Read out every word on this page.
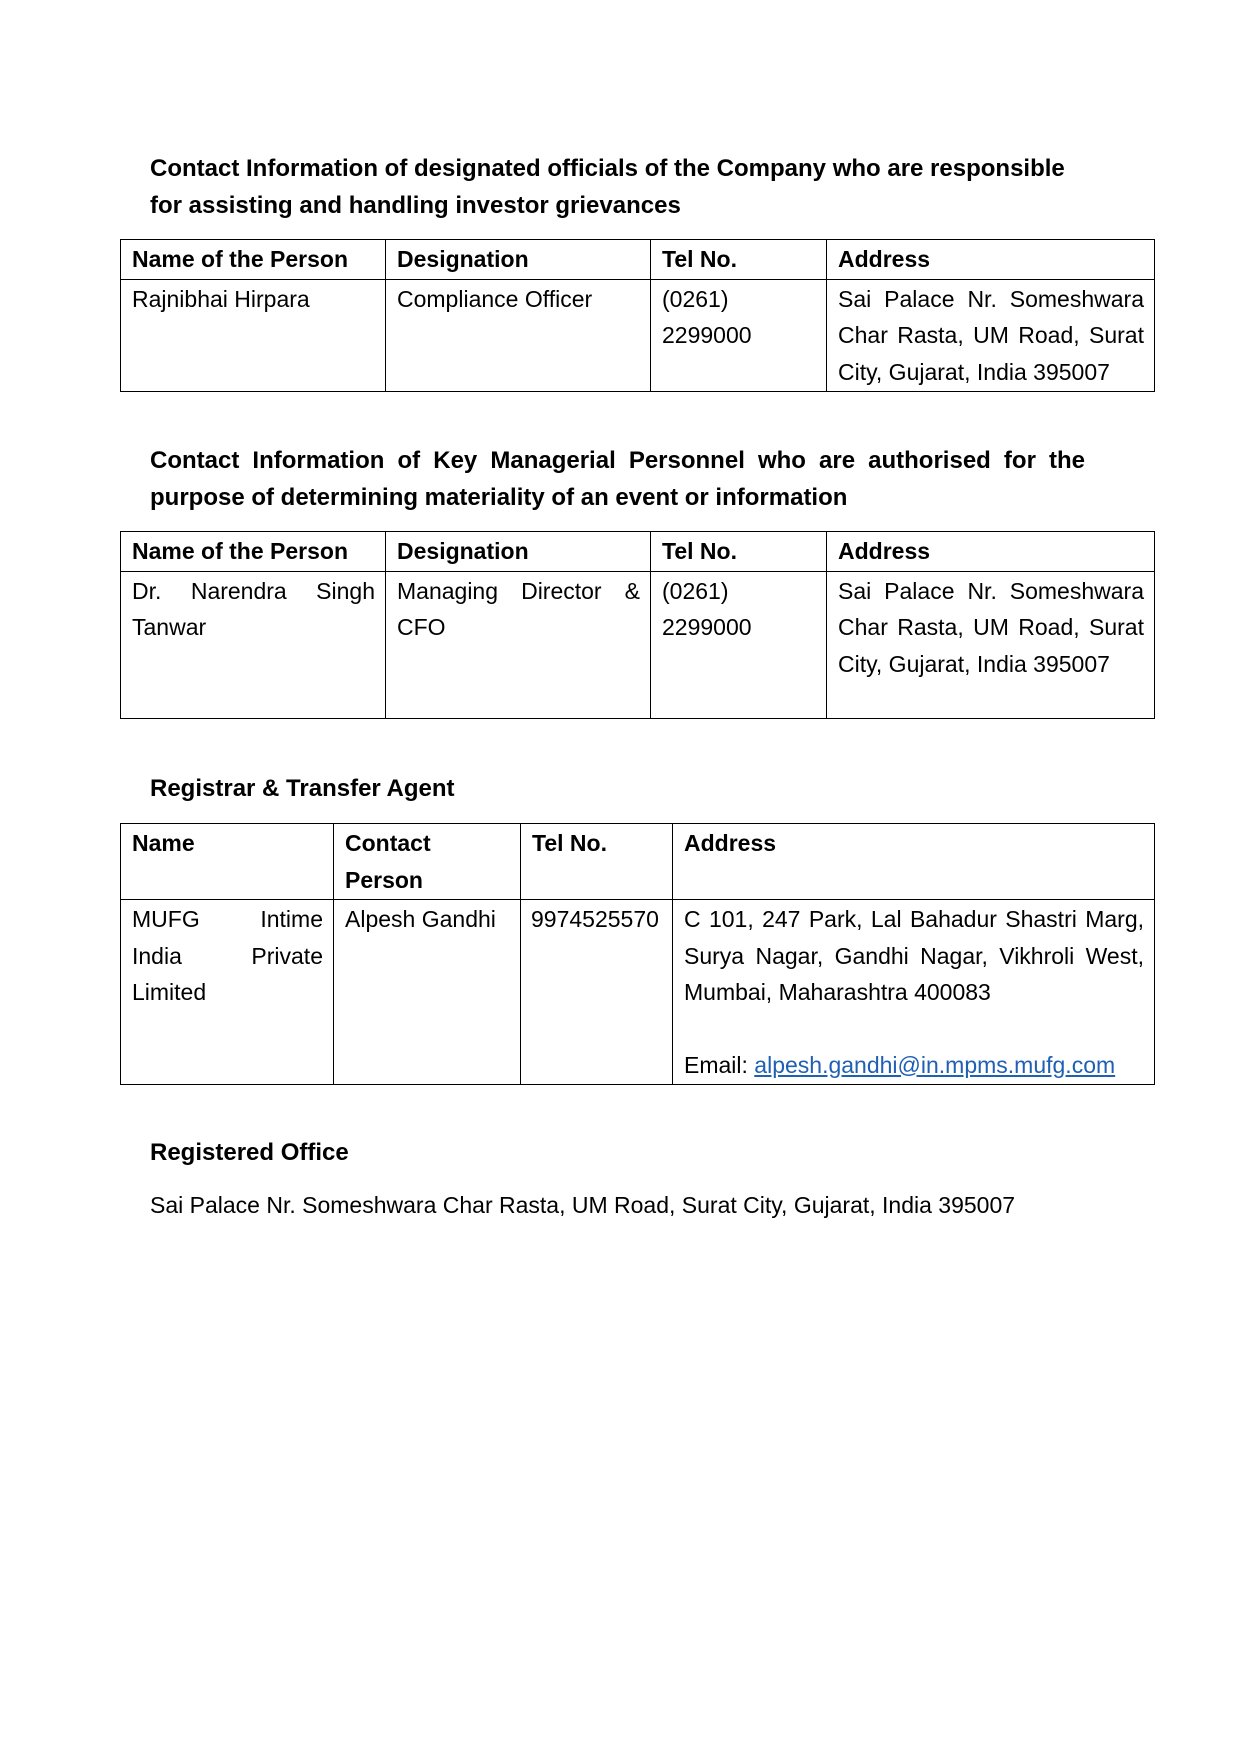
Contact Information of designated officials of the Company who are responsible for assisting and handling investor grievances

Name of the Person	Designation	Tel No.	Address
Rajnibhai Hirpara	Compliance Officer	(0261) 2299000	Sai Palace Nr. Someshwara Char Rasta, UM Road, Surat City, Gujarat, India 395007

Contact Information of Key Managerial Personnel who are authorised for the purpose of determining materiality of an event or information

Name of the Person	Designation	Tel No.	Address
Dr. Narendra Singh Tanwar	Managing Director & CFO	(0261) 2299000	Sai Palace Nr. Someshwara Char Rasta, UM Road, Surat City, Gujarat, India 395007

Registrar & Transfer Agent

Name	Contact Person	Tel No.	Address
MUFG Intime India Private Limited	Alpesh Gandhi	9974525570	C 101, 247 Park, Lal Bahadur Shastri Marg, Surya Nagar, Gandhi Nagar, Vikhroli West, Mumbai, Maharashtra 400083
Email: alpesh.gandhi@in.mpms.mufg.com

Registered Office

Sai Palace Nr. Someshwara Char Rasta, UM Road, Surat City, Gujarat, India 395007
